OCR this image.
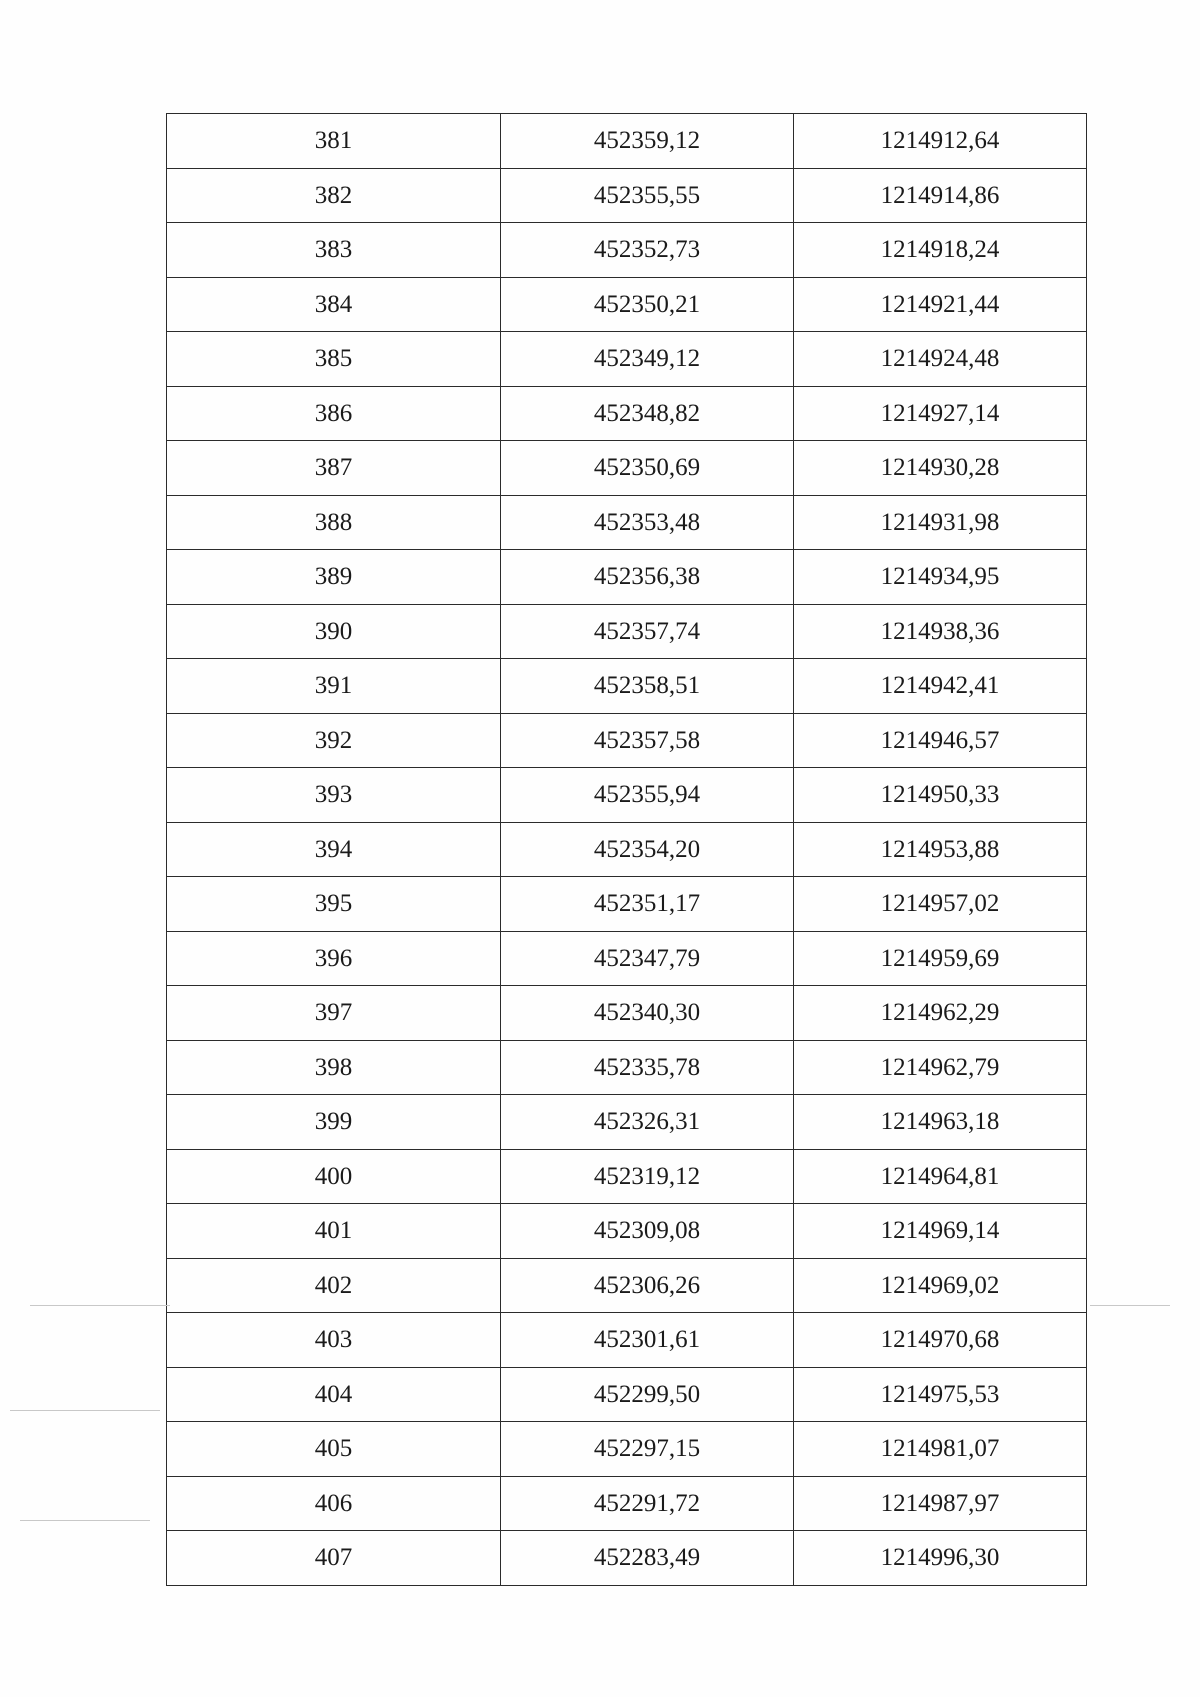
381	452359,12	1214912,64
382	452355,55	1214914,86
383	452352,73	1214918,24
384	452350,21	1214921,44
385	452349,12	1214924,48
386	452348,82	1214927,14
387	452350,69	1214930,28
388	452353,48	1214931,98
389	452356,38	1214934,95
390	452357,74	1214938,36
391	452358,51	1214942,41
392	452357,58	1214946,57
393	452355,94	1214950,33
394	452354,20	1214953,88
395	452351,17	1214957,02
396	452347,79	1214959,69
397	452340,30	1214962,29
398	452335,78	1214962,79
399	452326,31	1214963,18
400	452319,12	1214964,81
401	452309,08	1214969,14
402	452306,26	1214969,02
403	452301,61	1214970,68
404	452299,50	1214975,53
405	452297,15	1214981,07
406	452291,72	1214987,97
407	452283,49	1214996,30
